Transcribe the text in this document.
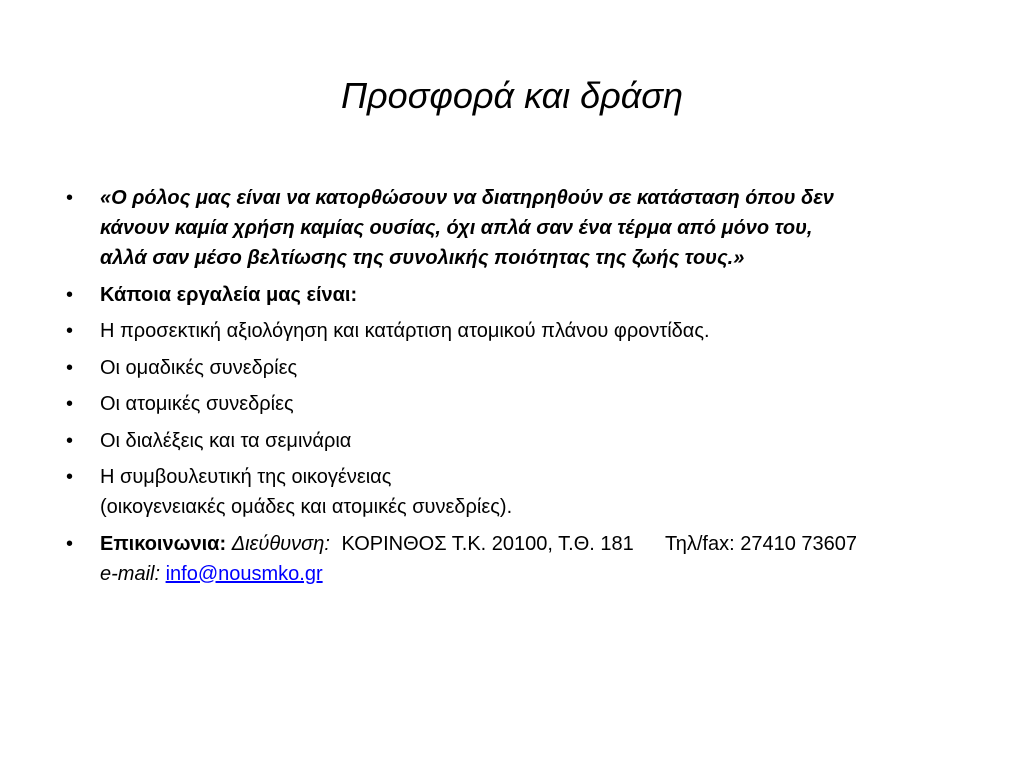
Προσφορά και δράση
•	«Ο ρόλος μας είναι να κατορθώσουν να διατηρηθούν σε κατάσταση όπου δεν
κάνουν καμία χρήση καμίας ουσίας, όχι απλά σαν ένα τέρμα από μόνο του,
αλλά σαν μέσο βελτίωσης της συνολικής ποιότητας της ζωής τους.»
•	Κάποια εργαλεία μας είναι:
•	Η προσεκτική αξιολόγηση και κατάρτιση ατομικού πλάνου φροντίδας.
•	Οι ομαδικές συνεδρίες
•	Οι ατομικές συνεδρίες
•	Οι διαλέξεις και τα σεμινάρια
•	Η συμβουλευτική της οικογένειας
(οικογενειακές ομάδες και ατομικές συνεδρίες).
•	Επικοινωνια: Διεύθυνση: ΚΟΡΙΝΘΟΣ Τ.Κ. 20100, Τ.Θ. 181 Τηλ/fax: 27410 73607
e-mail: info@nousmko.gr
